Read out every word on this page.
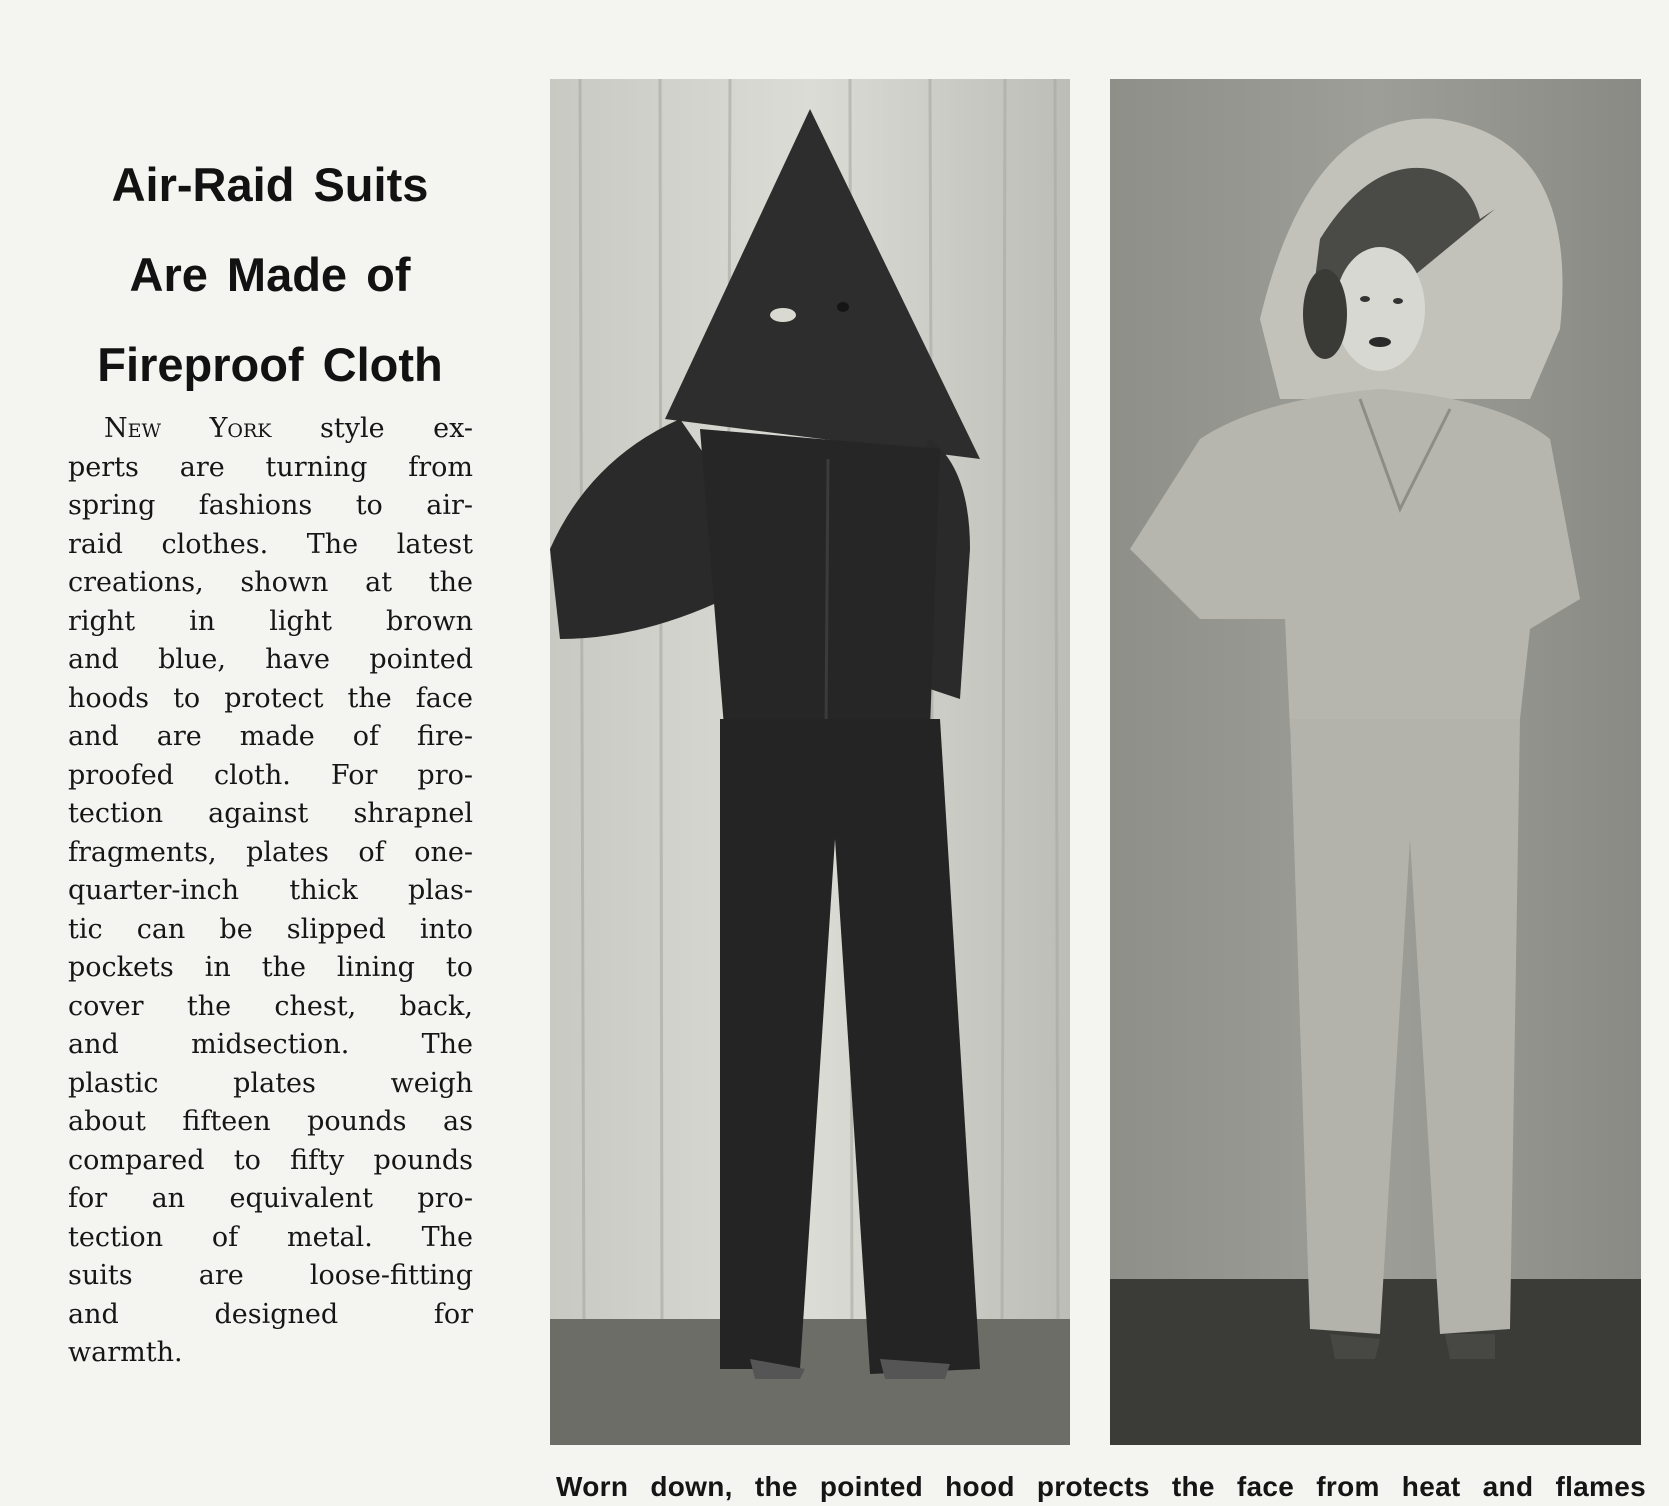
Air-Raid Suits
Are Made of
Fireproof Cloth
New York style ex-
perts are turning from
spring fashions to air-
raid clothes. The latest
creations, shown at the
right in light brown
and blue, have pointed
hoods to protect the face
and are made of fire-
proofed cloth. For pro-
tection against shrapnel
fragments, plates of one-
quarter-inch thick plas-
tic can be slipped into
pockets in the lining to
cover the chest, back,
and midsection. The
plastic plates weigh
about fifteen pounds as
compared to fifty pounds
for an equivalent pro-
tection of metal. The
suits are loose-fitting
and designed for
warmth.
Worn down, the pointed hood protects the face from heat and flames
